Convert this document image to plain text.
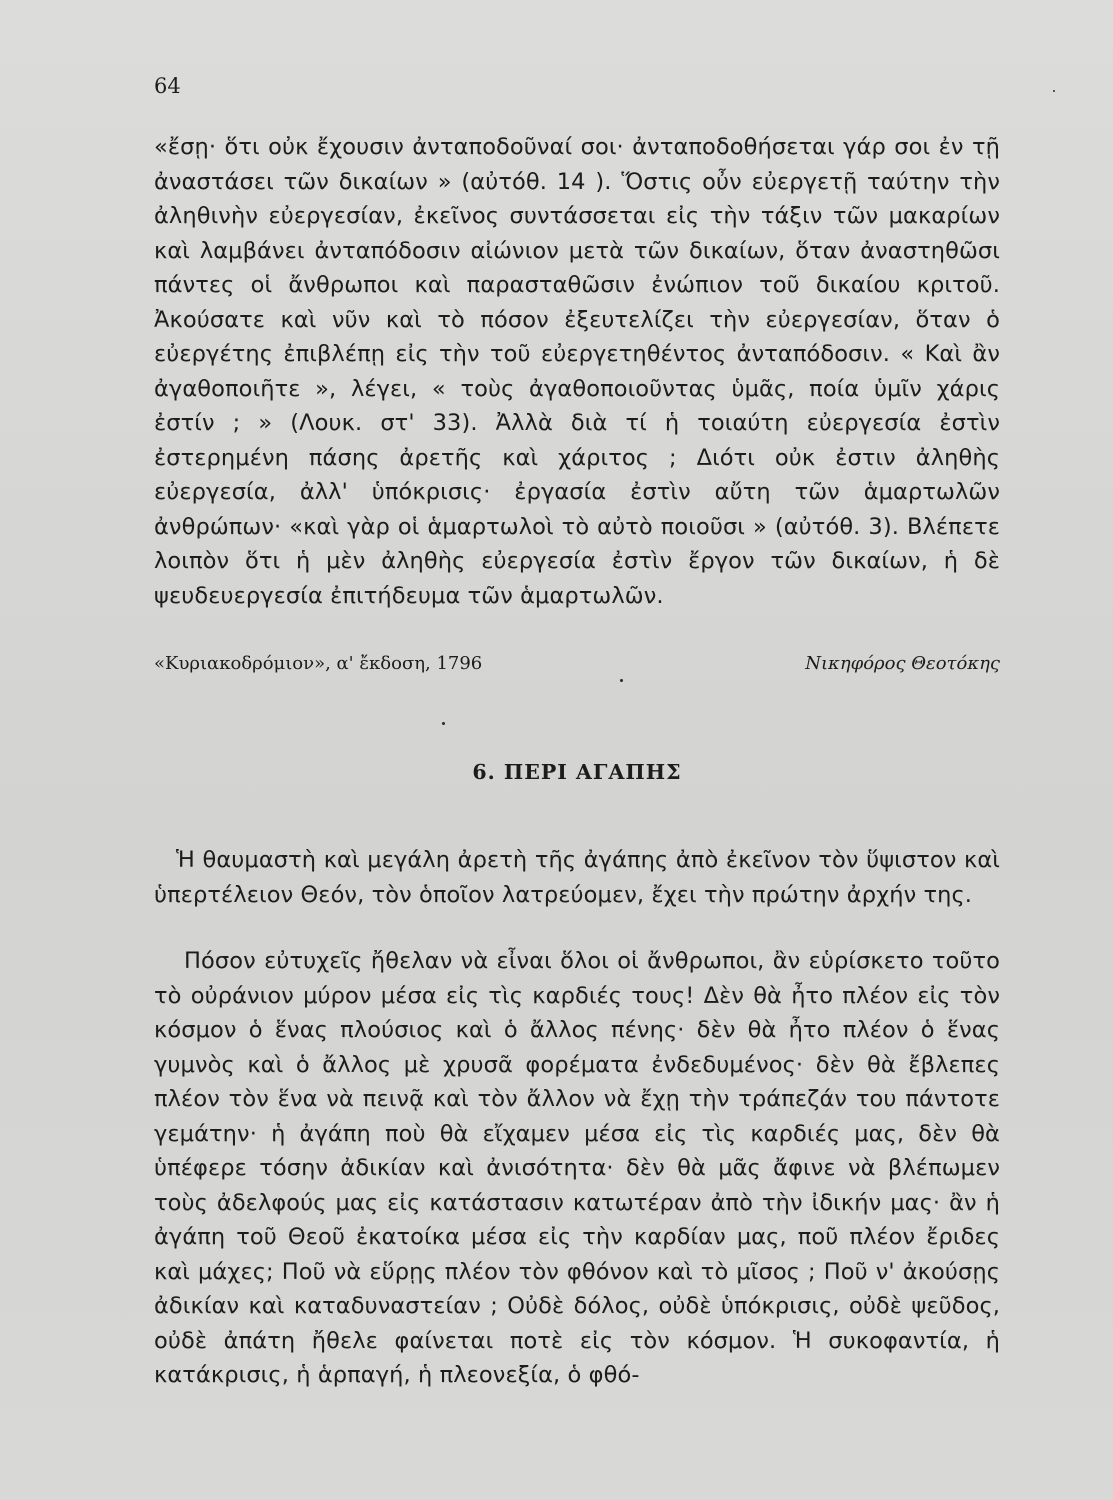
64

«ἔσῃ· ὅτι οὐκ ἔχουσιν ἀνταποδοῦναί σοι· ἀνταποδοθήσεται γάρ σοι ἐν τῇ ἀναστάσει τῶν δικαίων » (αὐτόθ. 14 ). Ὅστις οὖν εὐεργετῇ ταύτην τὴν ἀληθινὴν εὐεργεσίαν, ἐκεῖνος συντάσσεται εἰς τὴν τάξιν τῶν μακαρίων καὶ λαμβάνει ἀνταπόδοσιν αἰώνιον μετὰ τῶν δικαίων, ὅταν ἀναστηθῶσι πάντες οἱ ἄνθρωποι καὶ παρασταθῶσιν ἐνώπιον τοῦ δικαίου κριτοῦ. Ἀκούσατε καὶ νῦν καὶ τὸ πόσον ἐξευτελίζει τὴν εὐεργεσίαν, ὅταν ὁ εὐεργέτης ἐπιβλέπῃ εἰς τὴν τοῦ εὐεργετηθέντος ἀνταπόδοσιν. « Καὶ ἂν ἀγαθοποιῆτε », λέγει, « τοὺς ἀγαθοποιοῦντας ὑμᾶς, ποία ὑμῖν χάρις ἐστίν ; » (Λουκ. στ' 33). Ἀλλὰ διὰ τί ἡ τοιαύτη εὐεργεσία ἐστὶν ἐστερημένη πάσης ἀρετῆς καὶ χάριτος ; Διότι οὐκ ἐστιν ἀληθὴς εὐεργεσία, ἀλλ' ὑπόκρισις· ἐργασία ἐστὶν αὔτη τῶν ἁμαρτωλῶν ἀνθρώπων· «καὶ γὰρ οἱ ἁμαρτωλοὶ τὸ αὐτὸ ποιοῦσι » (αὐτόθ. 3). Βλέπετε λοιπὸν ὅτι ἡ μὲν ἀληθὴς εὐεργεσία ἐστὶν ἔργον τῶν δικαίων, ἡ δὲ ψευδευεργεσία ἐπιτήδευμα τῶν ἁμαρτωλῶν.

«Κυριακοδρόμιον», α' ἔκδοση, 1796	Νικηφόρος Θεοτόκης
6. ΠΕΡΙ ΑΓΑΠΗΣ

Ἡ θαυμαστὴ καὶ μεγάλη ἀρετὴ τῆς ἀγάπης ἀπὸ ἐκεῖνον τὸν ὕψιστον καὶ ὑπερτέλειον Θεόν, τὸν ὁποῖον λατρεύομεν, ἔχει τὴν πρώτην ἀρχήν της.

Πόσον εὐτυχεῖς ἤθελαν νὰ εἶναι ὅλοι οἱ ἄνθρωποι, ἂν εὑρίσκετο τοῦτο τὸ οὐράνιον μύρον μέσα εἰς τὶς καρδιές τους! Δὲν θὰ ἦτο πλέον εἰς τὸν κόσμον ὁ ἕνας πλούσιος καὶ ὁ ἄλλος πένης· δὲν θὰ ἦτο πλέον ὁ ἕνας γυμνὸς καὶ ὁ ἄλλος μὲ χρυσᾶ φορέματα ἐνδεδυμένος· δὲν θὰ ἔβλεπες πλέον τὸν ἕνα νὰ πεινᾷ καὶ τὸν ἄλλον νὰ ἔχῃ τὴν τράπεζάν του πάντοτε γεμάτην· ἡ ἀγάπη ποὺ θὰ εἴχαμεν μέσα εἰς τὶς καρδιές μας, δὲν θὰ ὑπέφερε τόσην ἀδικίαν καὶ ἀνισότητα· δὲν θὰ μᾶς ἄφινε νὰ βλέπωμεν τοὺς ἀδελφούς μας εἰς κατάστασιν κατωτέραν ἀπὸ τὴν ἰδικήν μας· ἂν ἡ ἀγάπη τοῦ Θεοῦ ἐκατοίκα μέσα εἰς τὴν καρδίαν μας, ποῦ πλέον ἔριδες καὶ μάχες; Ποῦ νὰ εὕρῃς πλέον τὸν φθόνον καὶ τὸ μῖσος ; Ποῦ ν' ἀκούσῃς ἀδικίαν καὶ καταδυναστείαν ; Οὐδὲ δόλος, οὐδὲ ὑπόκρισις, οὐδὲ ψεῦδος, οὐδὲ ἀπάτη ἤθελε φαίνεται ποτὲ εἰς τὸν κόσμον. Ἡ συκοφαντία, ἡ κατάκρισις, ἡ ἁρπαγή, ἡ πλεονεξία, ὁ φθό-
